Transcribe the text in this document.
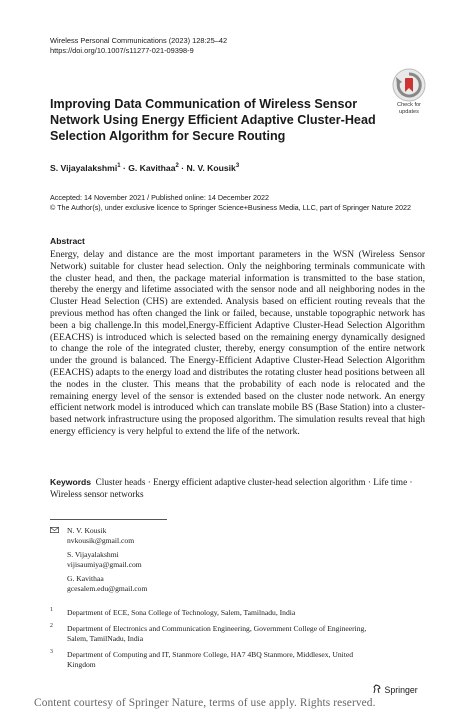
Wireless Personal Communications (2023) 128:25–42
https://doi.org/10.1007/s11277-021-09398-9
Check for
updates
Improving Data Communication of Wireless Sensor Network Using Energy Efficient Adaptive Cluster-Head Selection Algorithm for Secure Routing
S. Vijayalakshmi$^1$ · G. Kavithaa$^2$ · N. V. Kousik$^3$
Accepted: 14 November 2021 / Published online: 14 December 2022
© The Author(s), under exclusive licence to Springer Science+Business Media, LLC, part of Springer Nature 2022
Abstract
Energy, delay and distance are the most important parameters in the WSN (Wireless Sensor Network) suitable for cluster head selection. Only the neighboring terminals communicate with the cluster head, and then, the package material information is transmitted to the base station, thereby the energy and lifetime associated with the sensor node and all neighboring nodes in the Cluster Head Selection (CHS) are extended. Analysis based on efficient routing reveals that the previous method has often changed the link or failed, because, unstable topographic network has been a big challenge.In this model,Energy-Efficient Adaptive Cluster-Head Selection Algorithm (EEACHS) is introduced which is selected based on the remaining energy dynamically designed to change the role of the integrated cluster, thereby, energy consumption of the entire network under the ground is balanced. The Energy-Efficient Adaptive Cluster-Head Selection Algorithm (EEACHS) adapts to the energy load and distributes the rotating cluster head positions between all the nodes in the cluster. This means that the probability of each node is relocated and the remaining energy level of the sensor is extended based on the cluster node network. An energy efficient network model is introduced which can translate mobile BS (Base Station) into a cluster-based network infrastructure using the proposed algorithm. The simulation results reveal that high energy efficiency is very helpful to extend the life of the network.
Keywords Cluster heads · Energy efficient adaptive cluster-head selection algorithm · Life time · Wireless sensor networks
N. V. Kousik
nvkousik@gmail.com
S. Vijayalakshmi
vijisaumiya@gmail.com
G. Kavithaa
gcesalem.edu@gmail.com
1	Department of ECE, Sona College of Technology, Salem, Tamilnadu, India
2	Department of Electronics and Communication Engineering, Government College of Engineering, Salem, TamilNadu, India
3	Department of Computing and IT, Stanmore College, HA7 4BQ Stanmore, Middlesex, United Kingdom
Springer
Content courtesy of Springer Nature, terms of use apply. Rights reserved.
